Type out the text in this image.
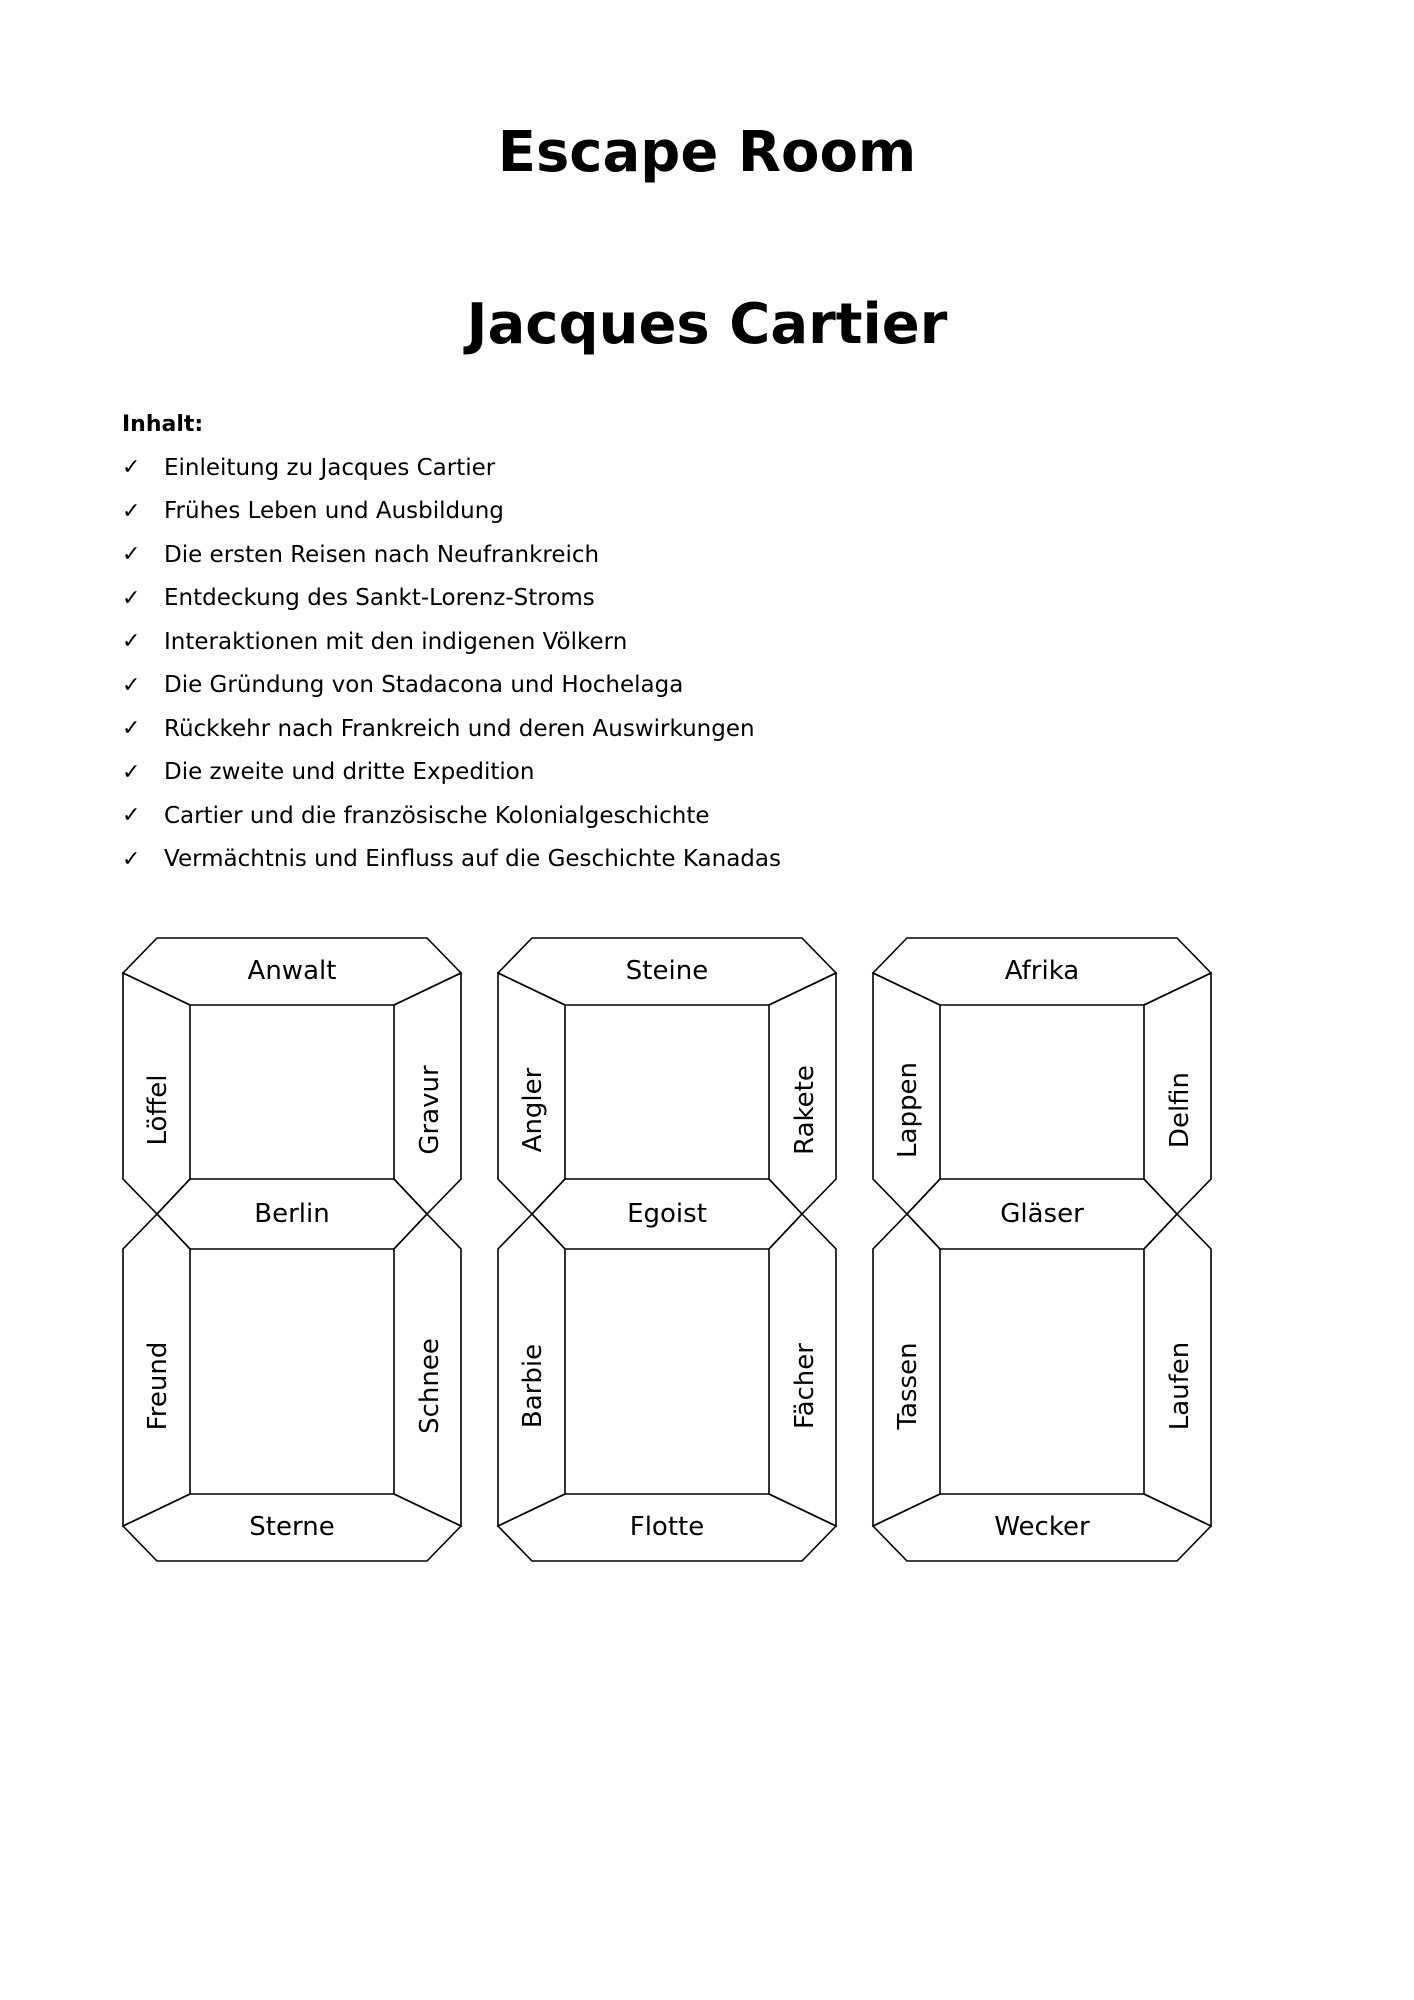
Escape Room
Jacques Cartier
Inhalt:
✓	Einleitung zu Jacques Cartier
✓	Frühes Leben und Ausbildung
✓	Die ersten Reisen nach Neufrankreich
✓	Entdeckung des Sankt-Lorenz-Stroms
✓	Interaktionen mit den indigenen Völkern
✓	Die Gründung von Stadacona und Hochelaga
✓	Rückkehr nach Frankreich und deren Auswirkungen
✓	Die zweite und dritte Expedition
✓	Cartier und die französische Kolonialgeschichte
✓	Vermächtnis und Einfluss auf die Geschichte Kanadas
Anwalt
Berlin
Sterne
Löffel	Gravur
Freund	Schnee
Steine
Egoist
Flotte
Angler	Rakete
Barbie	Fächer
Afrika
Gläser
Wecker
Lappen	Delfin
Tassen	Laufen
